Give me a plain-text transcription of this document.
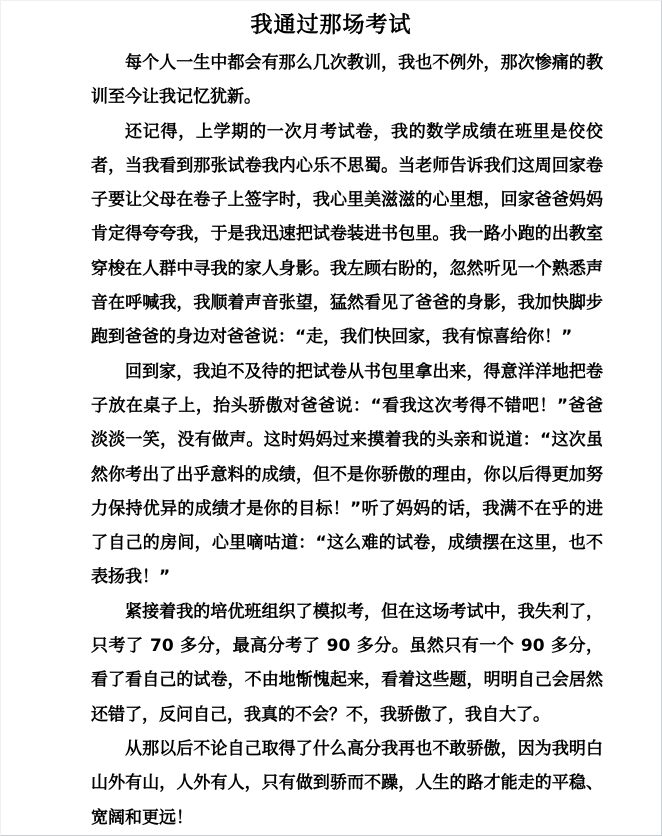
我通过那场考试

每个人一生中都会有那么几次教训，我也不例外，那次惨痛的教训至今让我记忆犹新。

还记得，上学期的一次月考试卷，我的数学成绩在班里是佼佼者，当我看到那张试卷我内心乐不思蜀。当老师告诉我们这周回家卷子要让父母在卷子上签字时，我心里美滋滋的心里想，回家爸爸妈妈肯定得夸夸我，于是我迅速把试卷装进书包里。我一路小跑的出教室穿梭在人群中寻我的家人身影。我左顾右盼的，忽然听见一个熟悉声音在呼喊我，我顺着声音张望，猛然看见了爸爸的身影，我加快脚步跑到爸爸的身边对爸爸说：“走，我们快回家，我有惊喜给你！”

回到家，我迫不及待的把试卷从书包里拿出来，得意洋洋地把卷子放在桌子上，抬头骄傲对爸爸说：“看我这次考得不错吧！”爸爸淡淡一笑，没有做声。这时妈妈过来摸着我的头亲和说道：“这次虽然你考出了出乎意料的成绩，但不是你骄傲的理由，你以后得更加努力保持优异的成绩才是你的目标！”听了妈妈的话，我满不在乎的进了自己的房间，心里嘀咕道：“这么难的试卷，成绩摆在这里，也不表扬我！”

紧接着我的培优班组织了模拟考，但在这场考试中，我失利了，只考了 70 多分，最高分考了 90 多分。虽然只有一个 90 多分，看了看自己的试卷，不由地惭愧起来，看着这些题，明明自己会居然还错了，反问自己，我真的不会？不，我骄傲了，我自大了。

从那以后不论自己取得了什么高分我再也不敢骄傲，因为我明白山外有山，人外有人，只有做到骄而不躁，人生的路才能走的平稳、宽阔和更远！
